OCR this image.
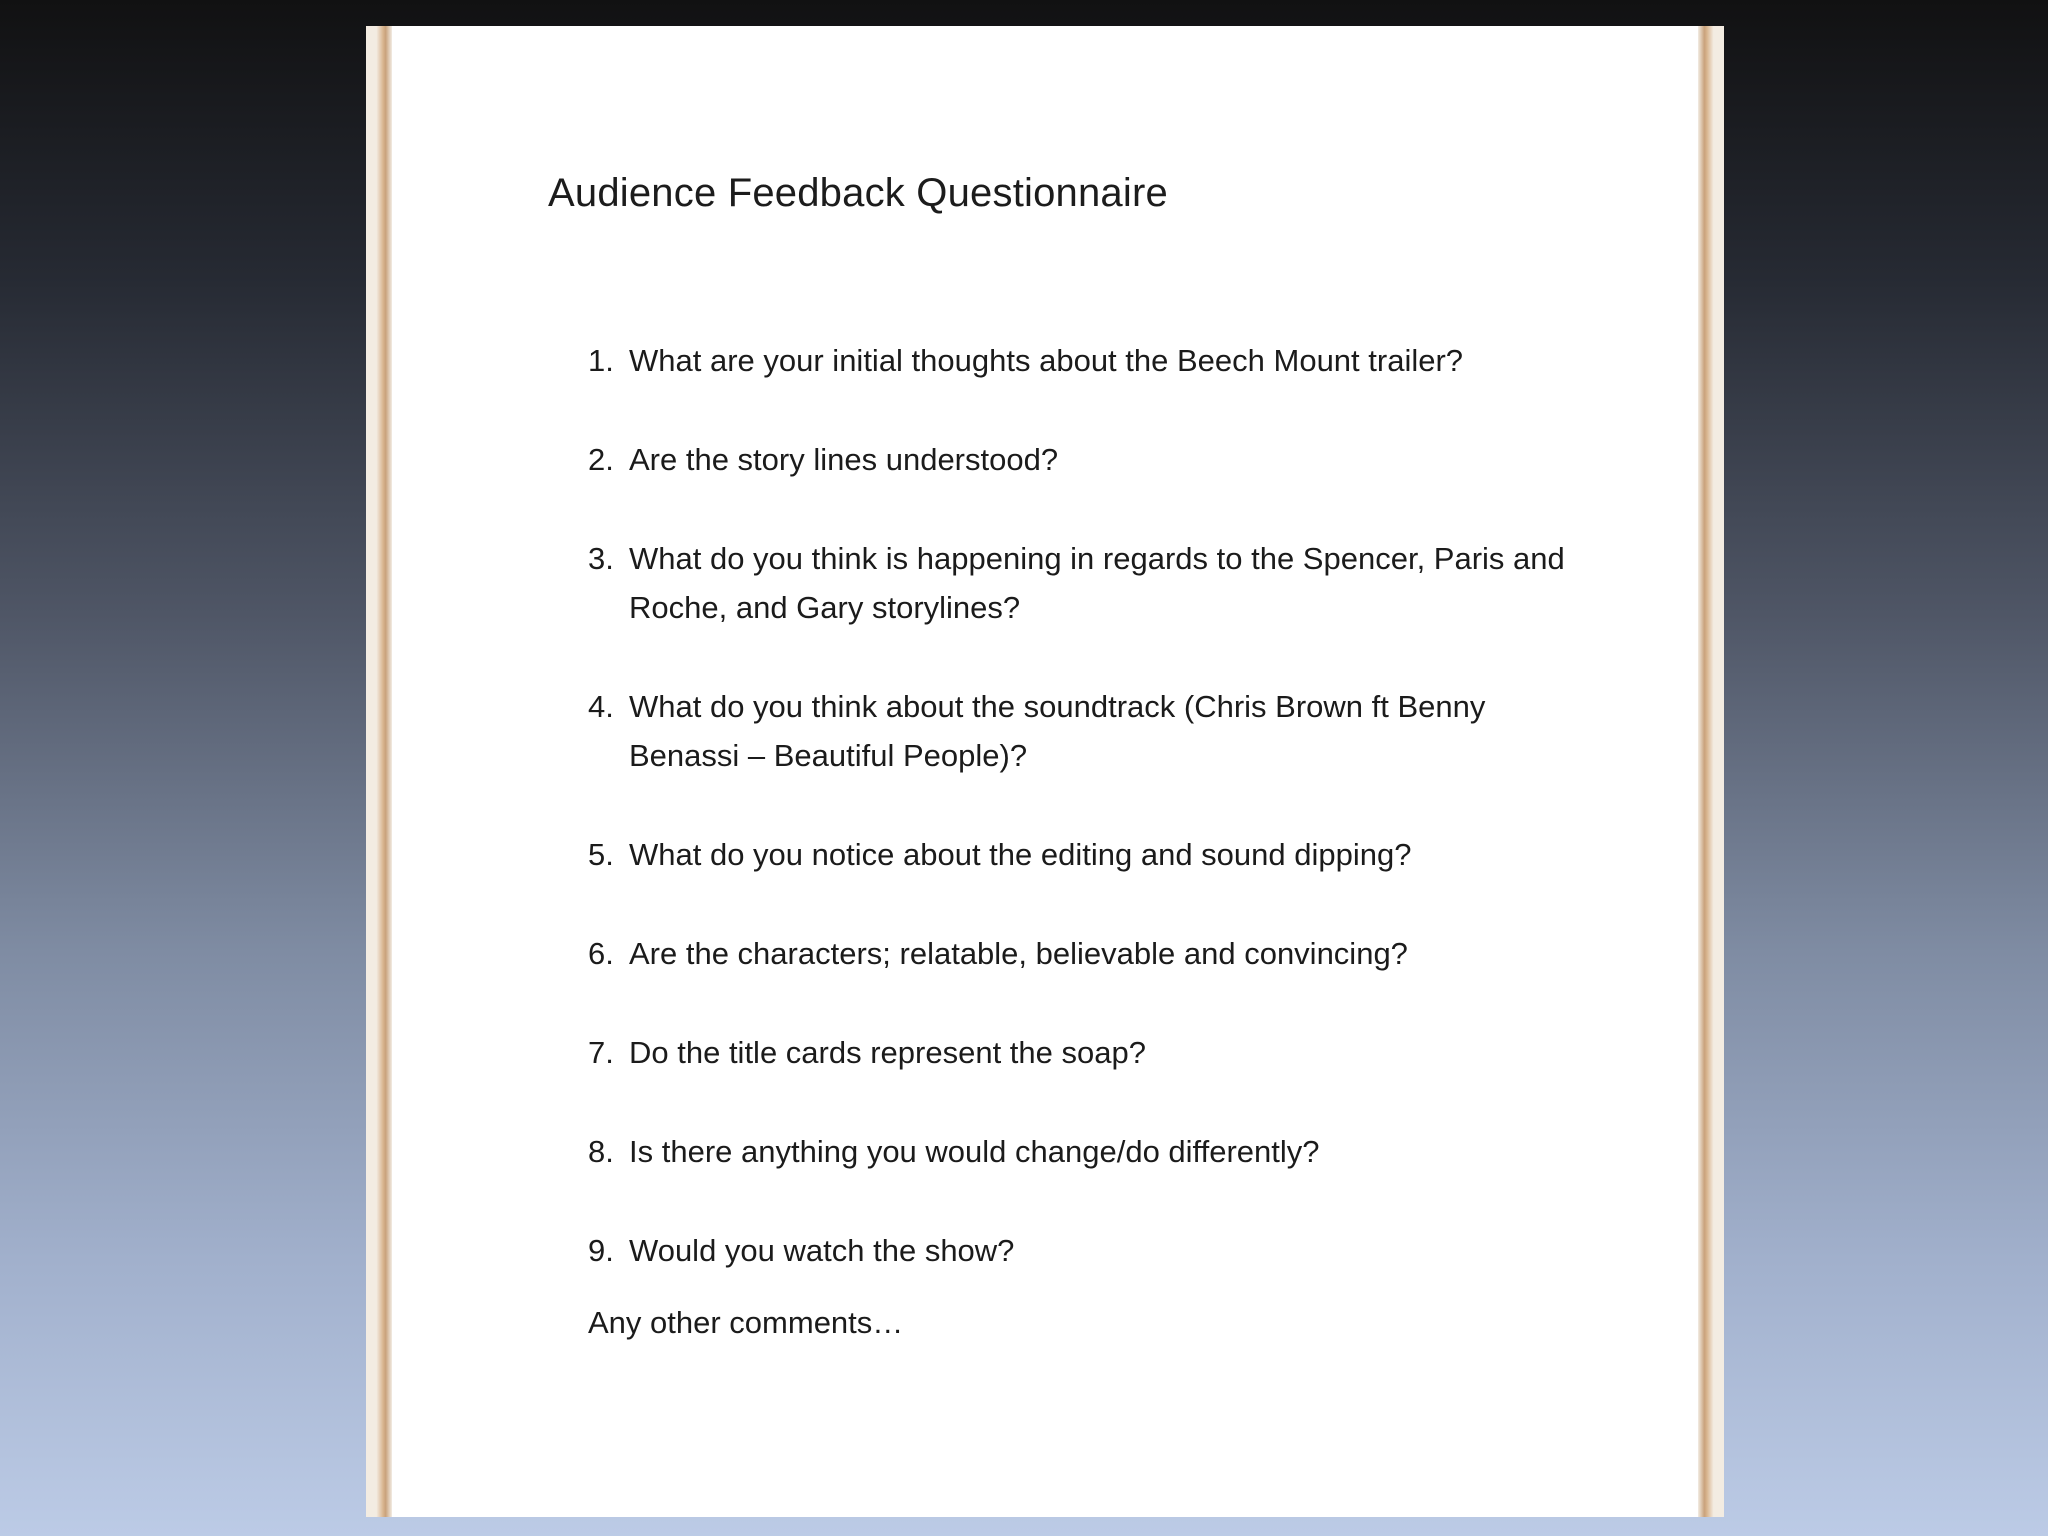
Audience Feedback Questionnaire
1. What are your initial thoughts about the Beech Mount trailer?
2. Are the story lines understood?
3. What do you think is happening in regards to the Spencer, Paris and Roche, and Gary storylines?
4. What do you think about the soundtrack (Chris Brown ft Benny Benassi – Beautiful People)?
5. What do you notice about the editing and sound dipping?
6. Are the characters; relatable, believable and convincing?
7. Do the title cards represent the soap?
8. Is there anything you would change/do differently?
9. Would you watch the show?

Any other comments…
